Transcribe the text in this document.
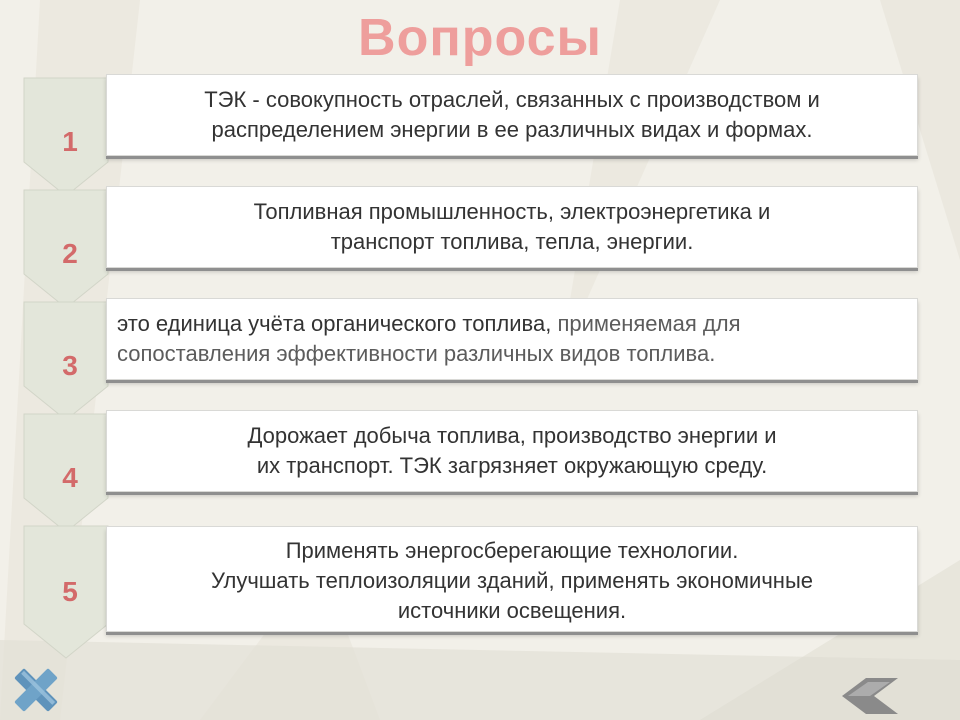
Вопросы
1
2
3
4
5
ТЭК - совокупность отраслей, связанных с производством и
распределением энергии в ее различных видах и формах.
Топливная промышленность, электроэнергетика и
транспорт топлива, тепла, энергии.
это единица учёта органического топлива, применяемая для
сопоставления эффективности различных видов топлива.
Дорожает добыча топлива, производство энергии и
их транспорт. ТЭК загрязняет окружающую среду.
Применять энергосберегающие технологии.
Улучшать теплоизоляции зданий, применять экономичные
источники освещения.
